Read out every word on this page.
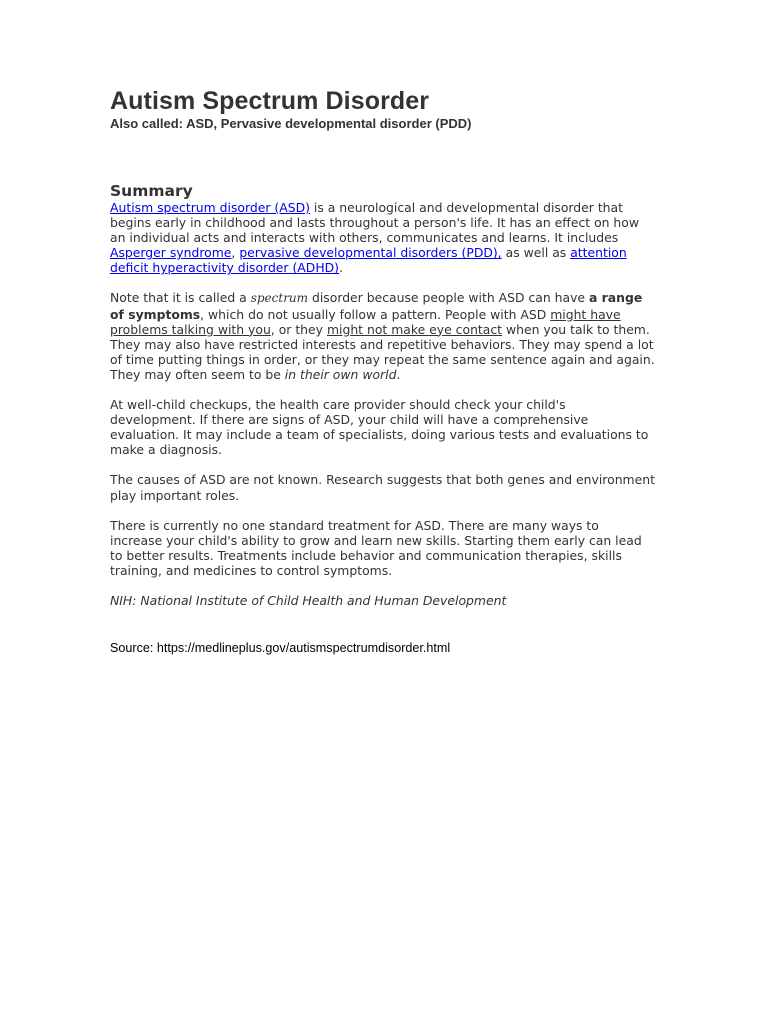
Autism Spectrum Disorder

Also called: ASD, Pervasive developmental disorder (PDD)

Summary

Autism spectrum disorder (ASD) is a neurological and developmental disorder that begins early in childhood and lasts throughout a person's life. It has an effect on how an individual acts and interacts with others, communicates and learns. It includes Asperger syndrome, pervasive developmental disorders (PDD), as well as attention deficit hyperactivity disorder (ADHD).

Note that it is called a spectrum disorder because people with ASD can have a range of symptoms, which do not usually follow a pattern. People with ASD might have problems talking with you, or they might not make eye contact when you talk to them. They may also have restricted interests and repetitive behaviors. They may spend a lot of time putting things in order, or they may repeat the same sentence again and again. They may often seem to be in their own world.

At well-child checkups, the health care provider should check your child's development. If there are signs of ASD, your child will have a comprehensive evaluation. It may include a team of specialists, doing various tests and evaluations to make a diagnosis.

The causes of ASD are not known. Research suggests that both genes and environment play important roles.

There is currently no one standard treatment for ASD. There are many ways to increase your child's ability to grow and learn new skills. Starting them early can lead to better results. Treatments include behavior and communication therapies, skills training, and medicines to control symptoms.

NIH: National Institute of Child Health and Human Development

Source: https://medlineplus.gov/autismspectrumdisorder.html
